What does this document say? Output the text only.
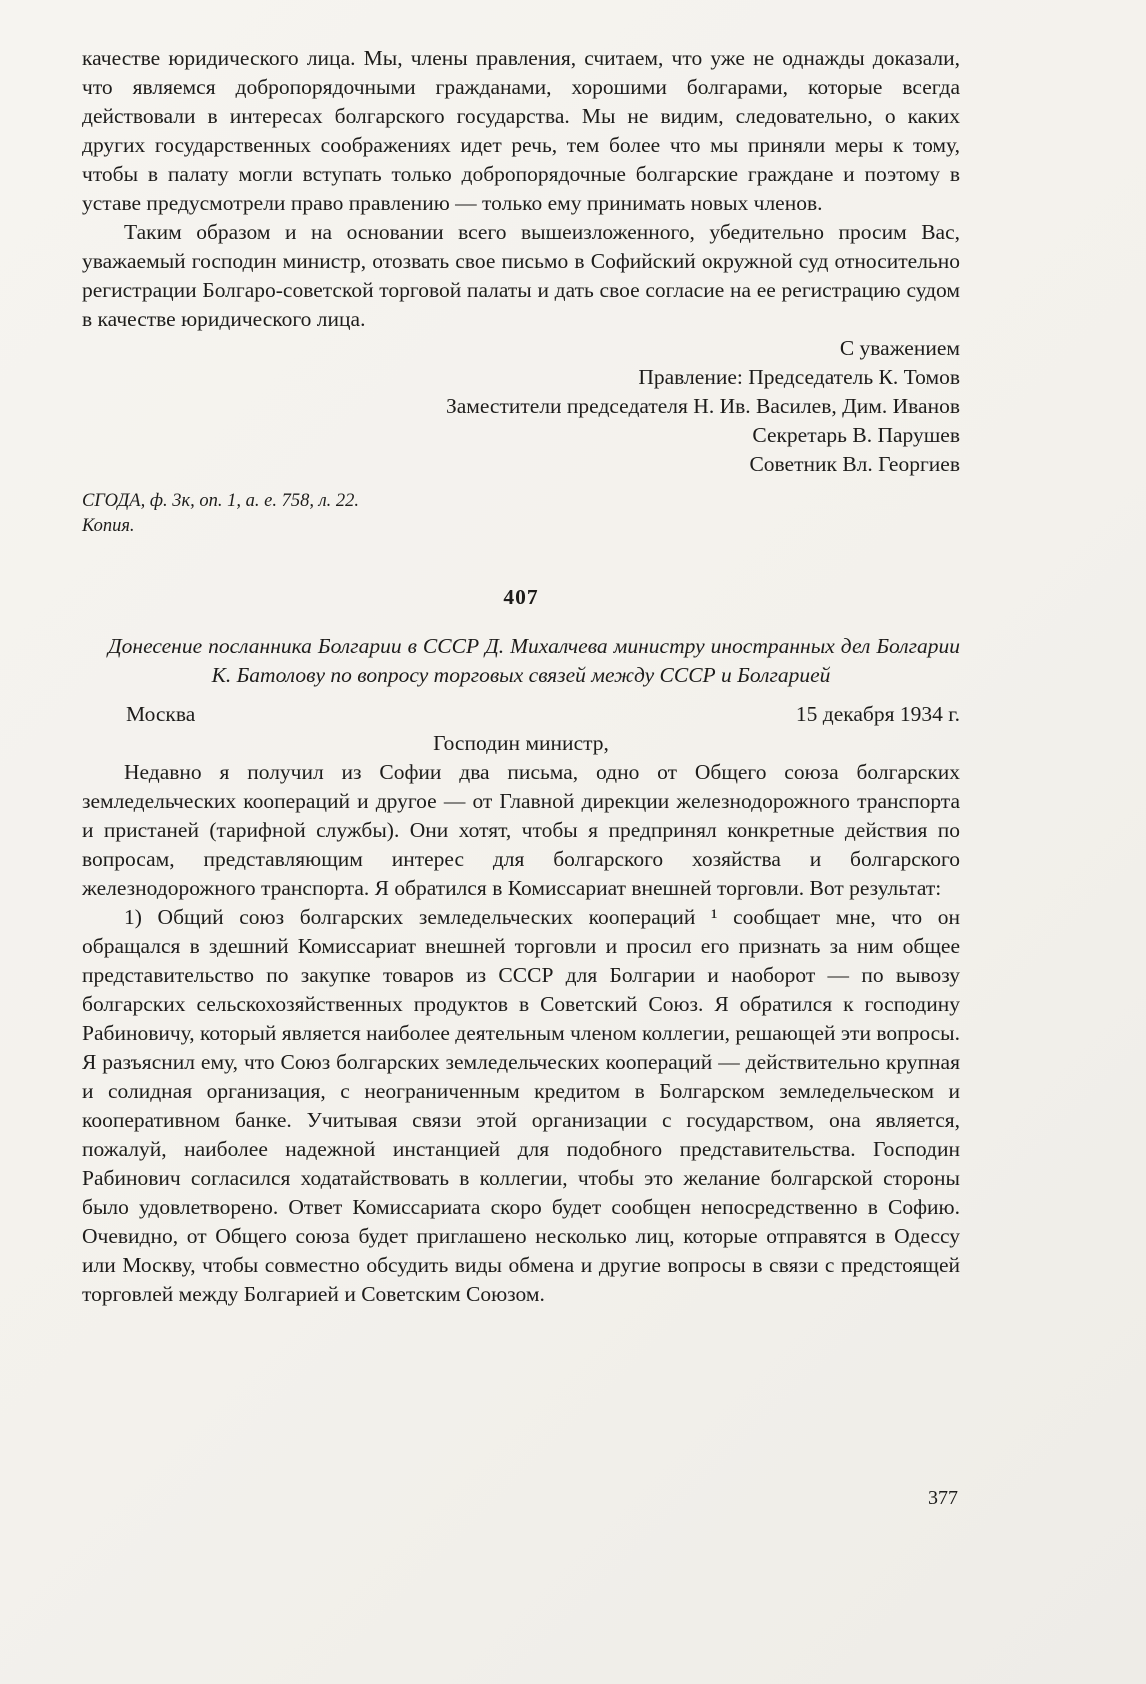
качестве юридического лица. Мы, члены правления, считаем, что уже не однажды доказали, что являемся добропорядочными гражданами, хорошими болгарами, которые всегда действовали в интересах болгарского государства. Мы не видим, следовательно, о каких других государственных соображениях идет речь, тем более что мы приняли меры к тому, чтобы в палату могли вступать только добропорядочные болгарские граждане и поэтому в уставе предусмотрели право правлению — только ему принимать новых членов.

Таким образом и на основании всего вышеизложенного, убедительно просим Вас, уважаемый господин министр, отозвать свое письмо в Софийский окружной суд относительно регистрации Болгаро-советской торговой палаты и дать свое согласие на ее регистрацию судом в качестве юридического лица.

С уважением
Правление: Председатель К. Томов
Заместители председателя Н. Ив. Василев, Дим. Иванов
Секретарь В. Парушев
Советник Вл. Георгиев
СГОДА, ф. 3к, оп. 1, а. е. 758, л. 22.
Копия.
407
Донесение посланника Болгарии в СССР Д. Михалчева министру иностранных дел Болгарии К. Батолову по вопросу торговых связей между СССР и Болгарией
Москва	15 декабря 1934 г.
Господин министр,

Недавно я получил из Софии два письма, одно от Общего союза болгарских земледельческих коопераций и другое — от Главной дирекции железнодорожного транспорта и пристаней (тарифной службы). Они хотят, чтобы я предпринял конкретные действия по вопросам, представляющим интерес для болгарского хозяйства и болгарского железнодорожного транспорта. Я обратился в Комиссариат внешней торговли. Вот результат:

1) Общий союз болгарских земледельческих коопераций ¹ сообщает мне, что он обращался в здешний Комиссариат внешней торговли и просил его признать за ним общее представительство по закупке товаров из СССР для Болгарии и наоборот — по вывозу болгарских сельскохозяйственных продуктов в Советский Союз. Я обратился к господину Рабиновичу, который является наиболее деятельным членом коллегии, решающей эти вопросы. Я разъяснил ему, что Союз болгарских земледельческих коопераций — действительно крупная и солидная организация, с неограниченным кредитом в Болгарском земледельческом и кооперативном банке. Учитывая связи этой организации с государством, она является, пожалуй, наиболее надежной инстанцией для подобного представительства. Господин Рабинович согласился ходатайствовать в коллегии, чтобы это желание болгарской стороны было удовлетворено. Ответ Комиссариата скоро будет сообщен непосредственно в Софию. Очевидно, от Общего союза будет приглашено несколько лиц, которые отправятся в Одессу или Москву, чтобы совместно обсудить виды обмена и другие вопросы в связи с предстоящей торговлей между Болгарией и Советским Союзом.

377
